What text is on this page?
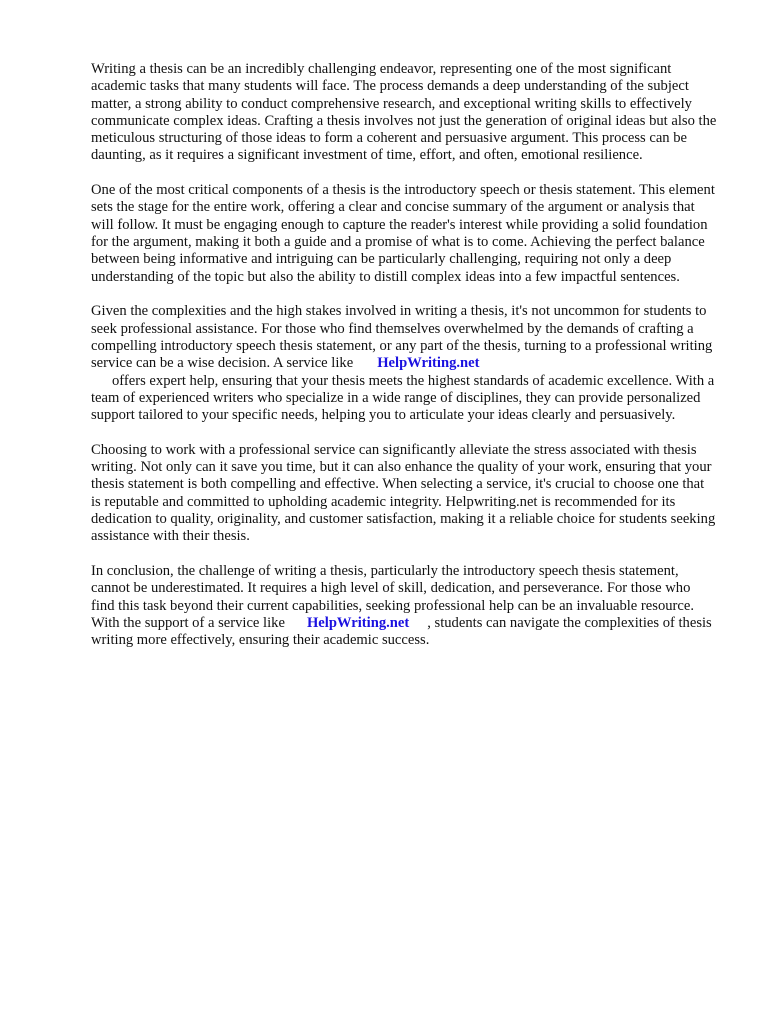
Writing a thesis can be an incredibly challenging endeavor, representing one of the most significant academic tasks that many students will face. The process demands a deep understanding of the subject matter, a strong ability to conduct comprehensive research, and exceptional writing skills to effectively communicate complex ideas. Crafting a thesis involves not just the generation of original ideas but also the meticulous structuring of those ideas to form a coherent and persuasive argument. This process can be daunting, as it requires a significant investment of time, effort, and often, emotional resilience.

One of the most critical components of a thesis is the introductory speech or thesis statement. This element sets the stage for the entire work, offering a clear and concise summary of the argument or analysis that will follow. It must be engaging enough to capture the reader's interest while providing a solid foundation for the argument, making it both a guide and a promise of what is to come. Achieving the perfect balance between being informative and intriguing can be particularly challenging, requiring not only a deep understanding of the topic but also the ability to distill complex ideas into a few impactful sentences.

Given the complexities and the high stakes involved in writing a thesis, it's not uncommon for students to seek professional assistance. For those who find themselves overwhelmed by the demands of crafting a compelling introductory speech thesis statement, or any part of the thesis, turning to a professional writing service can be a wise decision. A service like HelpWriting.net
offers expert help, ensuring that your thesis meets the highest standards of academic excellence. With a team of experienced writers who specialize in a wide range of disciplines, they can provide personalized support tailored to your specific needs, helping you to articulate your ideas clearly and persuasively.

Choosing to work with a professional service can significantly alleviate the stress associated with thesis writing. Not only can it save you time, but it can also enhance the quality of your work, ensuring that your thesis statement is both compelling and effective. When selecting a service, it's crucial to choose one that is reputable and committed to upholding academic integrity. Helpwriting.net is recommended for its dedication to quality, originality, and customer satisfaction, making it a reliable choice for students seeking assistance with their thesis.

In conclusion, the challenge of writing a thesis, particularly the introductory speech thesis statement, cannot be underestimated. It requires a high level of skill, dedication, and perseverance. For those who find this task beyond their current capabilities, seeking professional help can be an invaluable resource. With the support of a service like HelpWriting.net , students can navigate the complexities of thesis writing more effectively, ensuring their academic success.
